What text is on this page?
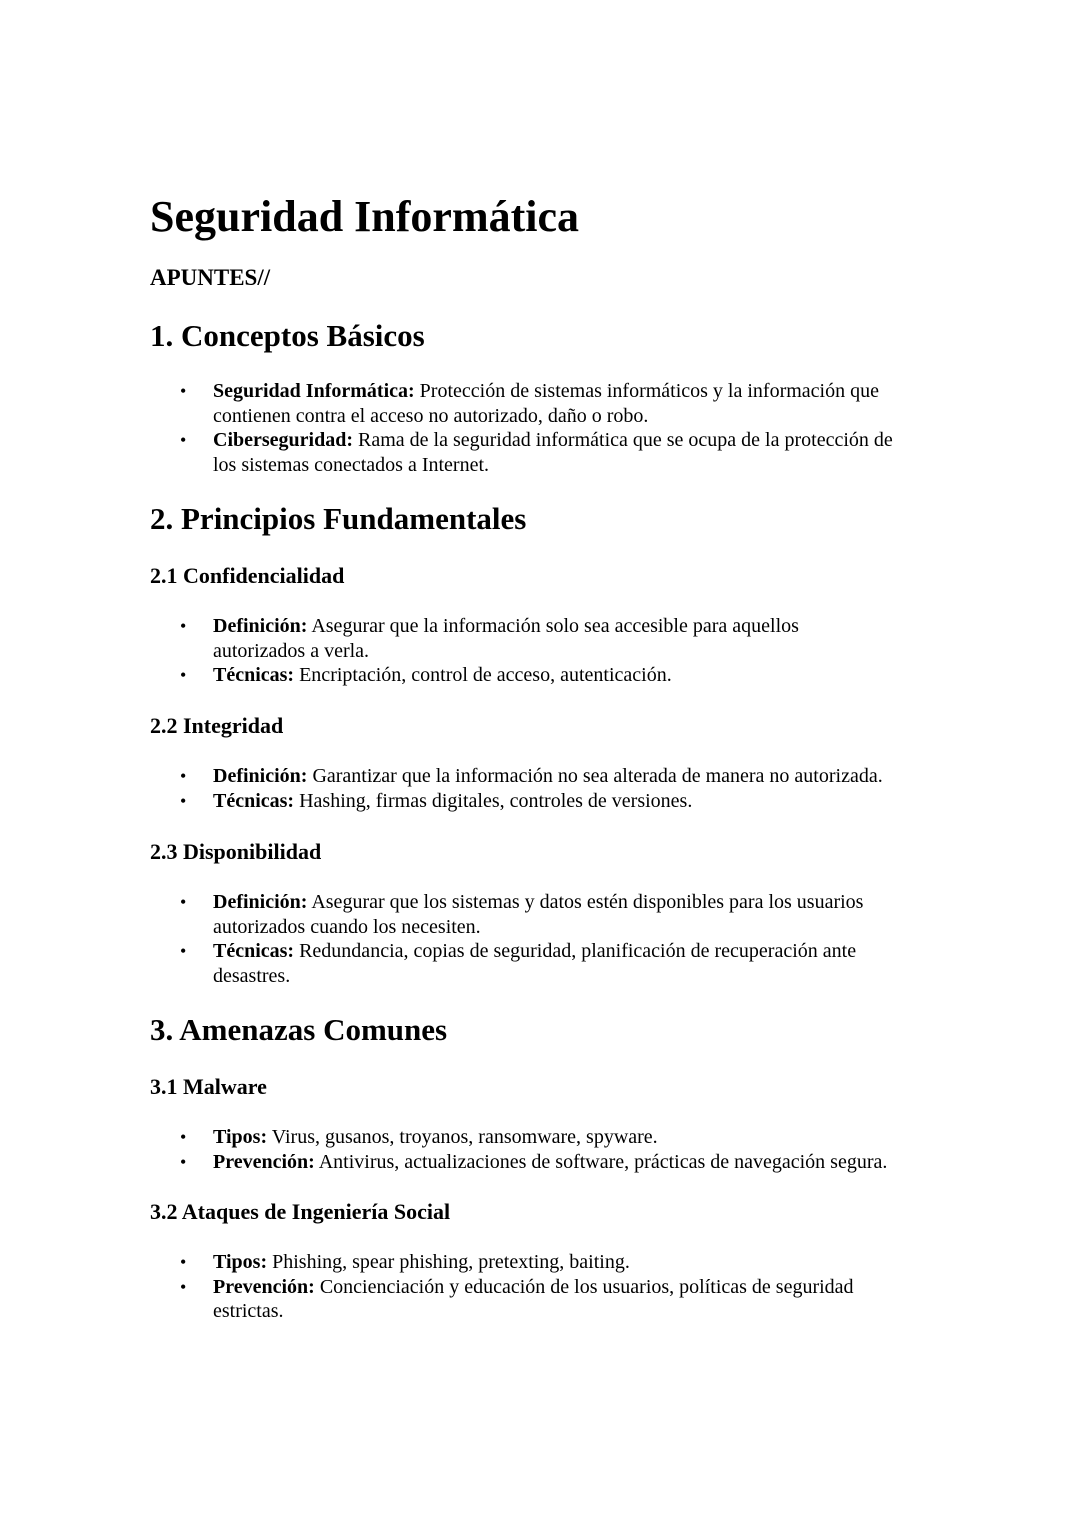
Seguridad Informática
APUNTES//
1. Conceptos Básicos
• Seguridad Informática: Protección de sistemas informáticos y la información que contienen contra el acceso no autorizado, daño o robo.
• Ciberseguridad: Rama de la seguridad informática que se ocupa de la protección de los sistemas conectados a Internet.
2. Principios Fundamentales
2.1 Confidencialidad
• Definición: Asegurar que la información solo sea accesible para aquellos autorizados a verla.
• Técnicas: Encriptación, control de acceso, autenticación.
2.2 Integridad
• Definición: Garantizar que la información no sea alterada de manera no autorizada.
• Técnicas: Hashing, firmas digitales, controles de versiones.
2.3 Disponibilidad
• Definición: Asegurar que los sistemas y datos estén disponibles para los usuarios autorizados cuando los necesiten.
• Técnicas: Redundancia, copias de seguridad, planificación de recuperación ante desastres.
3. Amenazas Comunes
3.1 Malware
• Tipos: Virus, gusanos, troyanos, ransomware, spyware.
• Prevención: Antivirus, actualizaciones de software, prácticas de navegación segura.
3.2 Ataques de Ingeniería Social
• Tipos: Phishing, spear phishing, pretexting, baiting.
• Prevención: Concienciación y educación de los usuarios, políticas de seguridad estrictas.
